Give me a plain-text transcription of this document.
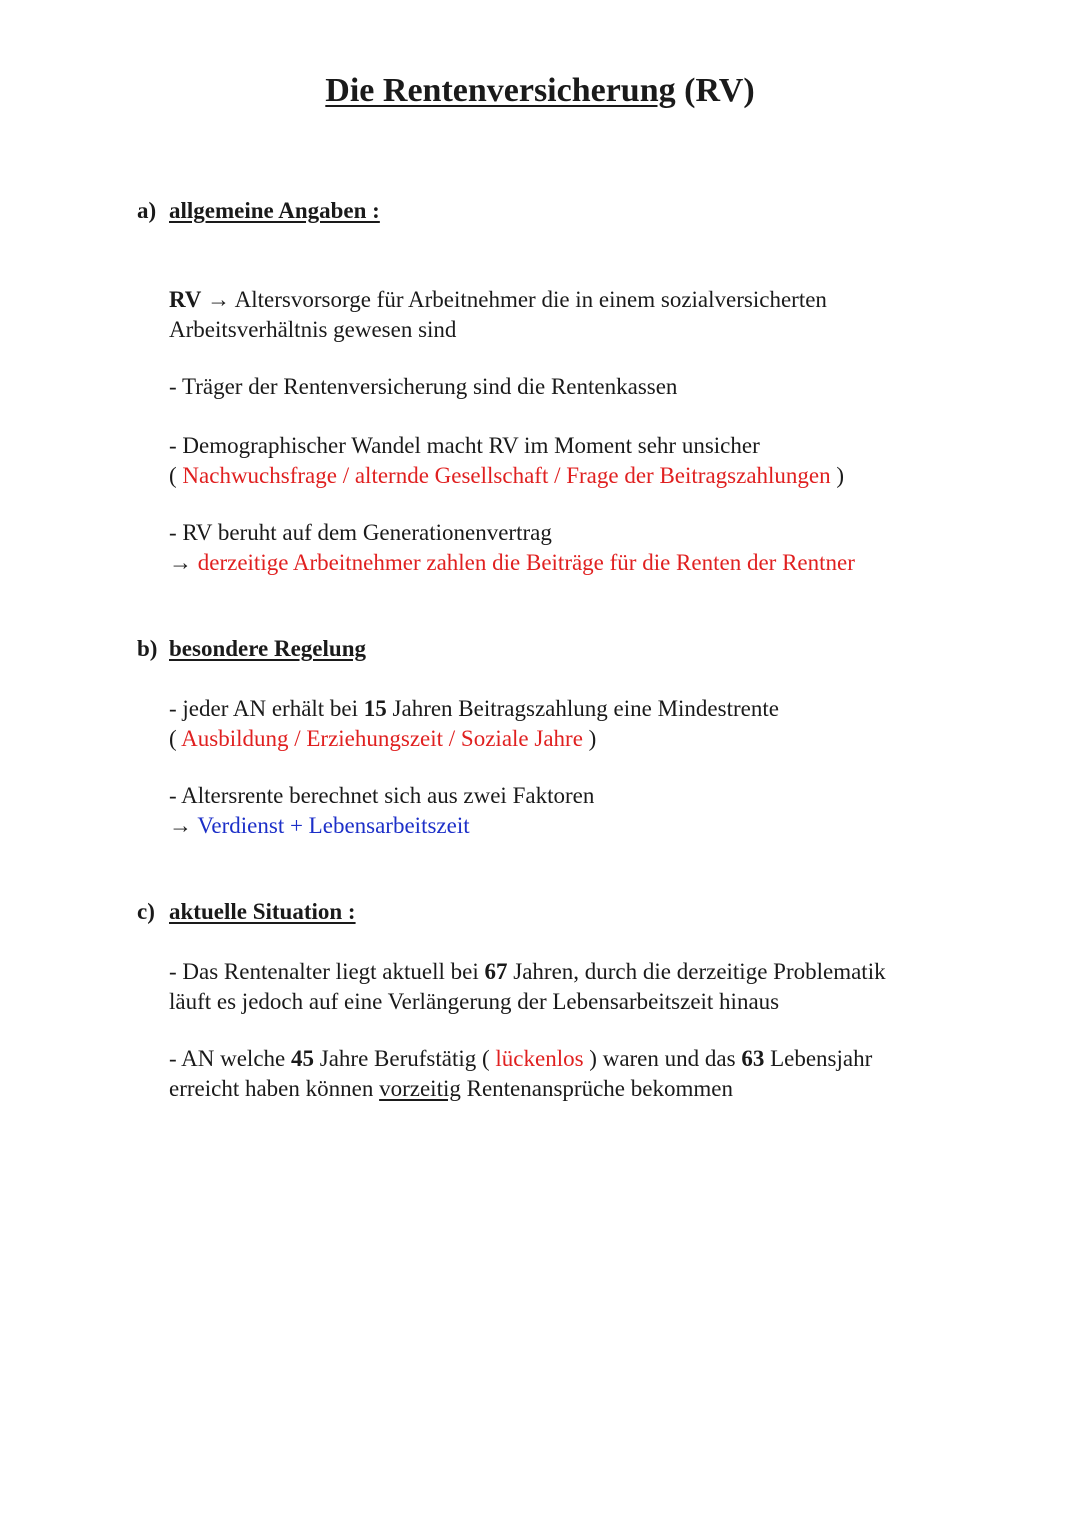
Die Rentenversicherung (RV)
a) allgemeine Angaben :

RV → Altersvorsorge für Arbeitnehmer die in einem sozialversicherten
Arbeitsverhältnis gewesen sind

- Träger der Rentenversicherung sind die Rentenkassen

- Demographischer Wandel macht RV im Moment sehr unsicher
( Nachwuchsfrage / alternde Gesellschaft / Frage der Beitragszahlungen )

- RV beruht auf dem Generationenvertrag
→ derzeitige Arbeitnehmer zahlen die Beiträge für die Renten der Rentner

b) besondere Regelung

- jeder AN erhält bei 15 Jahren Beitragszahlung eine Mindestrente
( Ausbildung / Erziehungszeit / Soziale Jahre )

- Altersrente berechnet sich aus zwei Faktoren
→ Verdienst + Lebensarbeitszeit

c) aktuelle Situation :

- Das Rentenalter liegt aktuell bei 67 Jahren, durch die derzeitige Problematik
läuft es jedoch auf eine Verlängerung der Lebensarbeitszeit hinaus

- AN welche 45 Jahre Berufstätig ( lückenlos ) waren und das 63 Lebensjahr
erreicht haben können vorzeitig Rentenansprüche bekommen
